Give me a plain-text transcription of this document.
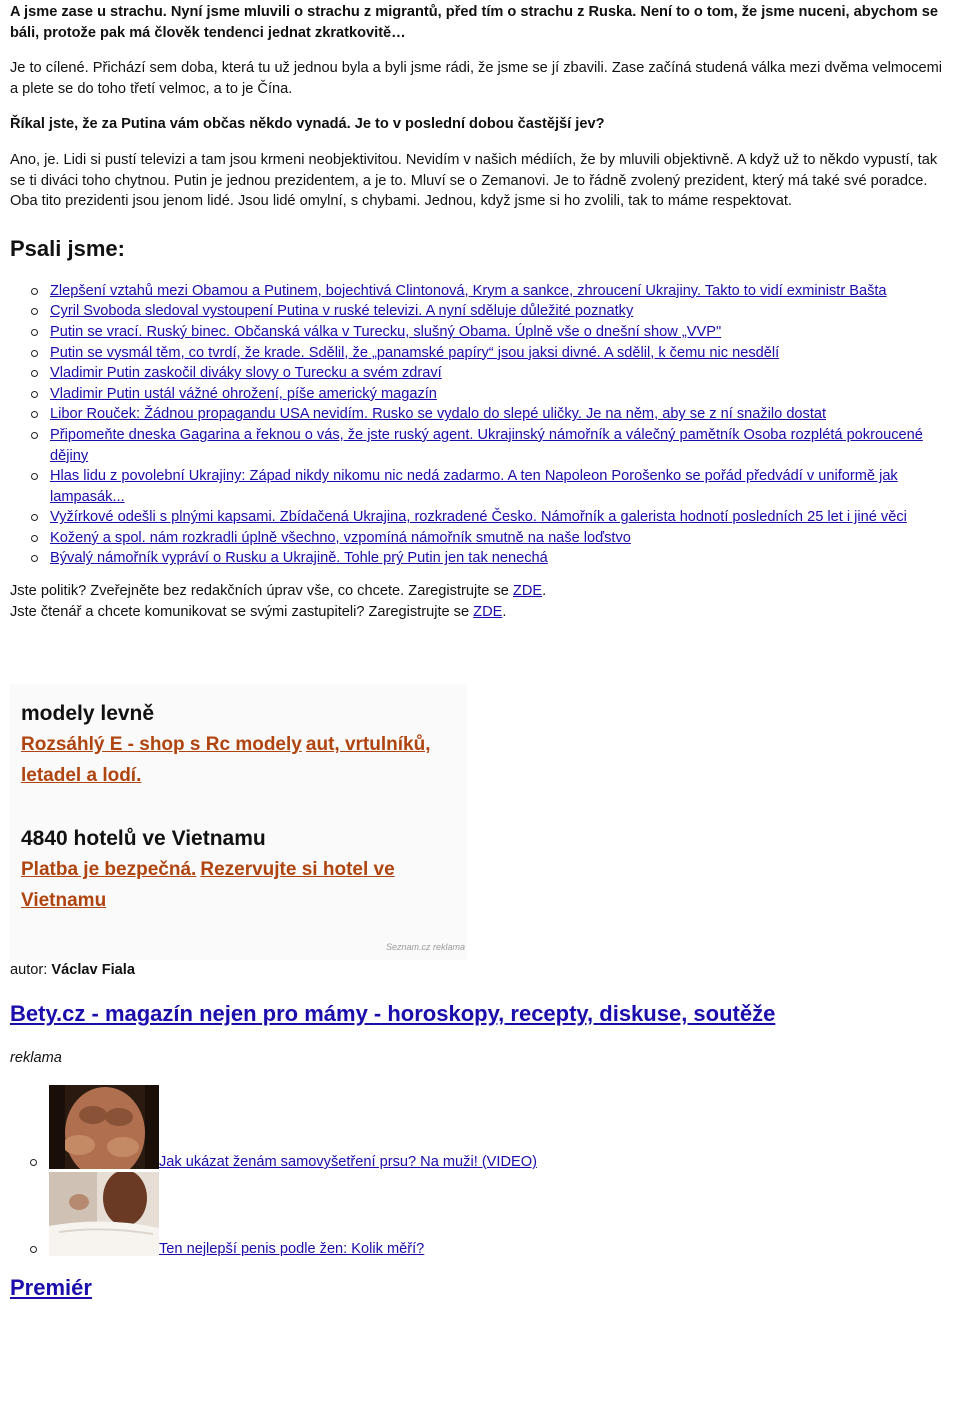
A jsme zase u strachu. Nyní jsme mluvili o strachu z migrantů, před tím o strachu z Ruska. Není to o tom, že jsme nuceni, abychom se báli, protože pak má člověk tendenci jednat zkratkovitě…

Je to cílené. Přichází sem doba, která tu už jednou byla a byli jsme rádi, že jsme se jí zbavili. Zase začíná studená válka mezi dvěma velmocemi a plete se do toho třetí velmoc, a to je Čína.

Říkal jste, že za Putina vám občas někdo vynadá. Je to v poslední dobou častější jev?

Ano, je. Lidi si pustí televizi a tam jsou krmeni neobjektivitou. Nevidím v našich médiích, že by mluvili objektivně. A když už to někdo vypustí, tak se ti diváci toho chytnou. Putin je jednou prezidentem, a je to. Mluví se o Zemanovi. Je to řádně zvolený prezident, který má také své poradce. Oba tito prezidenti jsou jenom lidé. Jsou lidé omylní, s chybami. Jednou, když jsme si ho zvolili, tak to máme respektovat.

Psali jsme:
Zlepšení vztahů mezi Obamou a Putinem, bojechtivá Clintonová, Krym a sankce, zhroucení Ukrajiny. Takto to vidí exministr Bašta
Cyril Svoboda sledoval vystoupení Putina v ruské televizi. A nyní sděluje důležité poznatky
Putin se vrací. Ruský binec. Občanská válka v Turecku, slušný Obama. Úplně vše o dnešní show „VVP"
Putin se vysmál těm, co tvrdí, že krade. Sdělil, že „panamské papíry“ jsou jaksi divné. A sdělil, k čemu nic nesdělí
Vladimir Putin zaskočil diváky slovy o Turecku a svém zdraví
Vladimir Putin ustál vážné ohrožení, píše americký magazín
Libor Rouček: Žádnou propagandu USA nevidím. Rusko se vydalo do slepé uličky. Je na něm, aby se z ní snažilo dostat
Připomeňte dneska Gagarina a řeknou o vás, že jste ruský agent. Ukrajinský námořník a válečný pamětník Osoba rozplétá pokroucené dějiny
Hlas lidu z povolební Ukrajiny: Západ nikdy nikomu nic nedá zadarmo. A ten Napoleon Porošenko se pořád předvádí v uniformě jak lampasák...
Vyžírkové odešli s plnými kapsami. Zbídačená Ukrajina, rozkradené Česko. Námořník a galerista hodnotí posledních 25 let i jiné věci
Kožený a spol. nám rozkradli úplně všechno, vzpomíná námořník smutně na naše loďstvo
Bývalý námořník vypráví o Rusku a Ukrajině. Tohle prý Putin jen tak nenechá

Jste politik? Zveřejněte bez redakčních úprav vše, co chcete. Zaregistrujte se ZDE.

Jste čtenář a chcete komunikovat se svými zastupiteli? Zaregistrujte se ZDE.

modely levně
Rozsáhlý E - shop s Rc modely aut, vrtulníků, letadel a lodí.
4840 hotelů ve Vietnamu
Platba je bezpečná. Rezervujte si hotel ve Vietnamu
Seznam.cz reklama
autor: Václav Fiala
Bety.cz - magazín nejen pro mámy - horoskopy, recepty, diskuse, soutěže
reklama
Jak ukázat ženám samovyšetření prsu? Na muži! (VIDEO)
Ten nejlepší penis podle žen: Kolik měří?
Premiér
